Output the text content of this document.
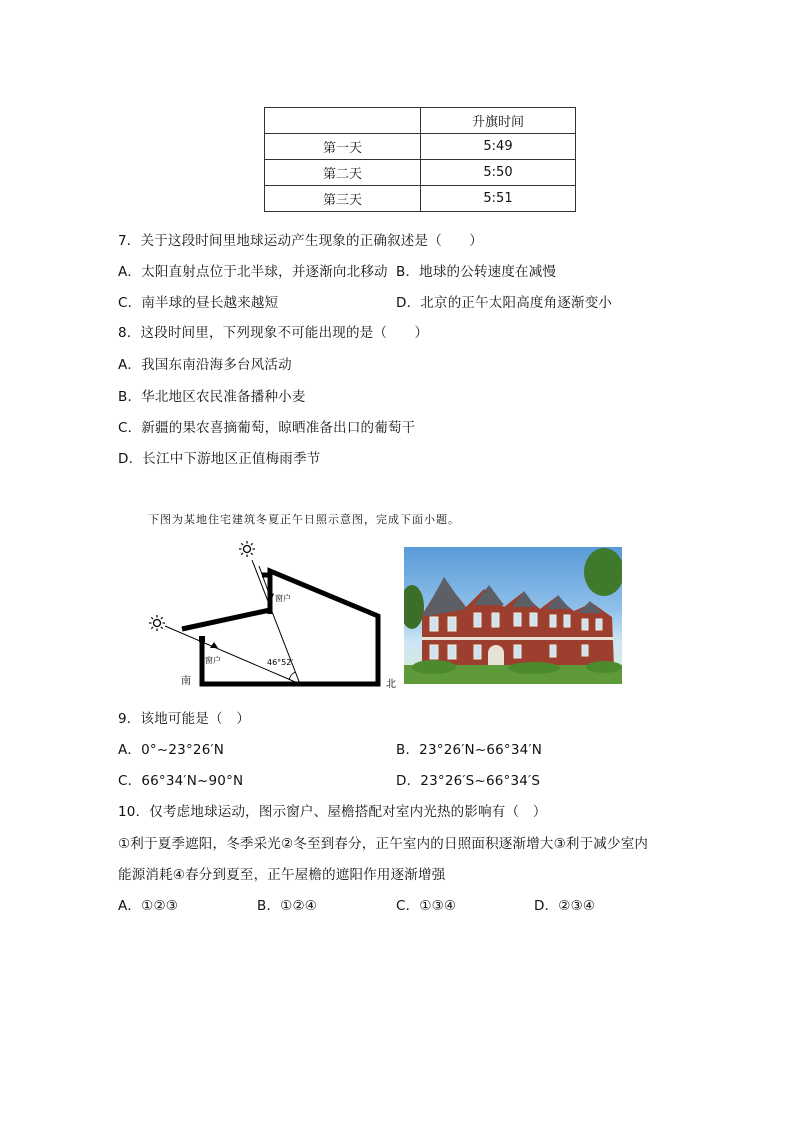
	升旗时间
第一天	5:49
第二天	5:50
第三天	5:51
7．关于这段时间里地球运动产生现象的正确叙述是（　　）
A．太阳直射点位于北半球，并逐渐向北移动 B．地球的公转速度在减慢
C．南半球的昼长越来越短	D．北京的正午太阳高度角逐渐变小
8．这段时间里，下列现象不可能出现的是（　　）
A．我国东南沿海多台风活动
B．华北地区农民准备播种小麦
C．新疆的果农喜摘葡萄，晾晒准备出口的葡萄干
D．长江中下游地区正值梅雨季节
下图为某地住宅建筑冬夏正午日照示意图，完成下面小题。
窗户
窗户	46°52′
南	北
9．该地可能是（　）
A．0°~23°26′N	B．23°26′N~66°34′N
C．66°34′N~90°N	D．23°26′S~66°34′S
10．仅考虑地球运动，图示窗户、屋檐搭配对室内光热的影响有（　）
①利于夏季遮阳，冬季采光②冬至到春分，正午室内的日照面积逐渐增大③利于减少室内
能源消耗④春分到夏至，正午屋檐的遮阳作用逐渐增强
A．①②③	B．①②④	C．①③④	D．②③④
